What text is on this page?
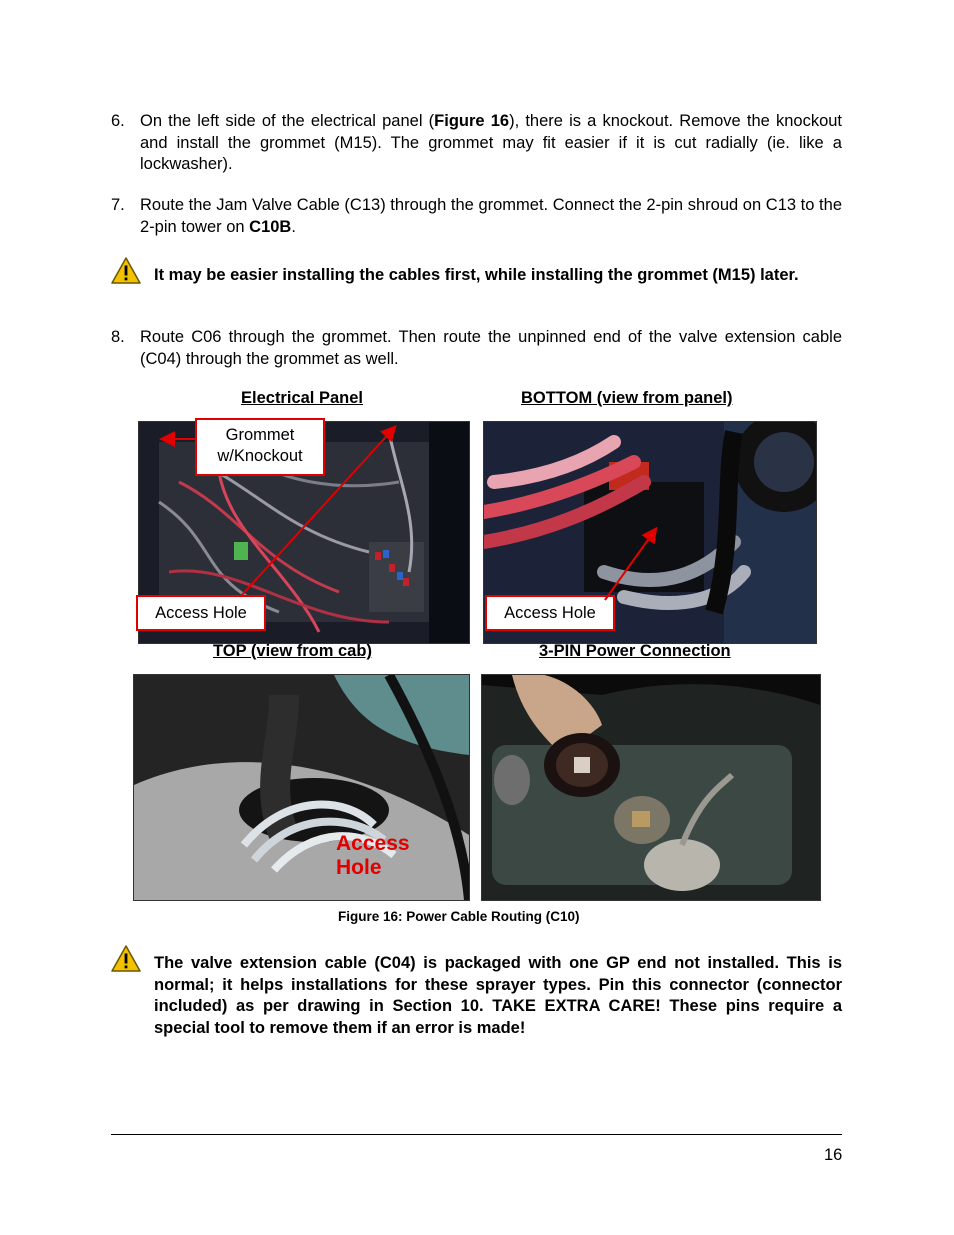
6. On the left side of the electrical panel (Figure 16), there is a knockout. Remove the knockout and install the grommet (M15). The grommet may fit easier if it is cut radially (ie. like a lockwasher).
7. Route the Jam Valve Cable (C13) through the grommet. Connect the 2-pin shroud on C13 to the 2-pin tower on C10B.
It may be easier installing the cables first, while installing the grommet (M15) later.
8. Route C06 through the grommet. Then route the unpinned end of the valve extension cable (C04) through the grommet as well.
Electrical Panel	BOTTOM (view from panel)
Grommet w/Knockout
Access Hole	Access Hole
TOP (view from cab)	3-PIN Power Connection
Access Hole
Figure 16: Power Cable Routing (C10)
The valve extension cable (C04) is packaged with one GP end not installed. This is normal; it helps installations for these sprayer types. Pin this connector (connector included) as per drawing in Section 10. TAKE EXTRA CARE! These pins require a special tool to remove them if an error is made!
16
